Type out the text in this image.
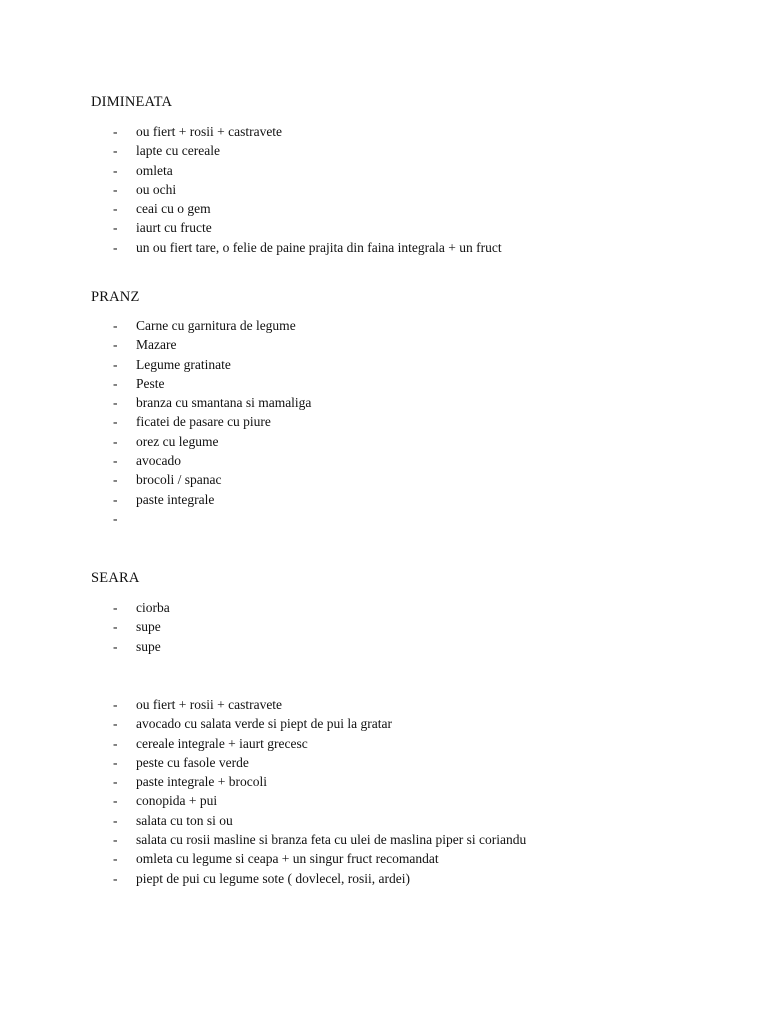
DIMINEATA
- ou fiert + rosii + castravete
- lapte cu cereale
- omleta
- ou ochi
- ceai cu o gem
- iaurt cu fructe
- un ou fiert tare, o felie de paine prajita din faina integrala + un fruct
PRANZ
- Carne cu garnitura de legume
- Mazare
- Legume gratinate
- Peste
- branza cu smantana si mamaliga
- ficatei de pasare cu piure
- orez cu legume
- avocado
- brocoli / spanac
- paste integrale
-
SEARA
- ciorba
- supe
- supe
- ou fiert + rosii + castravete
- avocado cu salata verde si piept de pui la gratar
- cereale integrale + iaurt grecesc
- peste cu fasole verde
- paste integrale + brocoli
- conopida + pui
- salata cu ton si ou
- salata cu rosii masline si branza feta cu ulei de maslina piper si coriandu
- omleta cu legume si ceapa + un singur fruct recomandat
- piept de pui cu legume sote ( dovlecel, rosii, ardei)
